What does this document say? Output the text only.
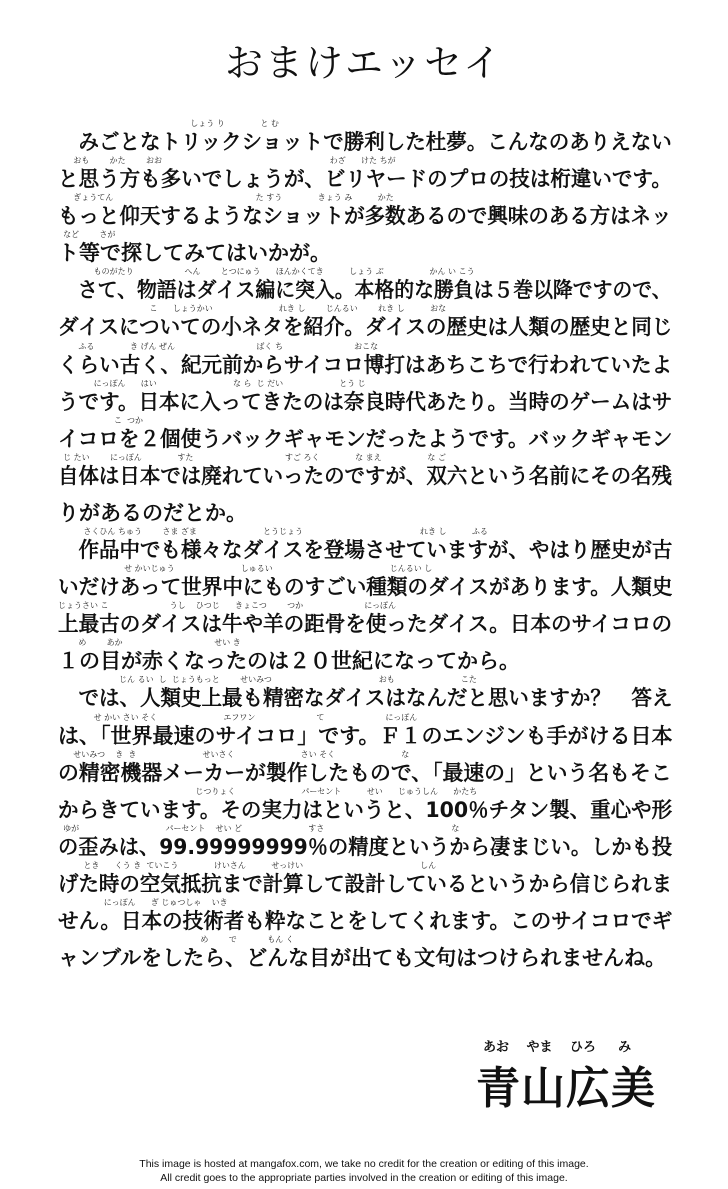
おまけエッセイ
しょう り              と む
　みごとなトリックショットで勝利した杜夢。こんなのありえない
おも        かた        おお                                                                  わざ      けた ちが
と思う方も多いでしょうが、ビリヤードのプロの技は桁違いです。
ぎょうてん                                                        た すう              きょう み          かた
もっと仰天するようなショットが多数あるので興味のある方はネッ
など        さが
ト等で探してみてはいかが。
ものがたり                    へん        とつにゅう      ほんかくてき          しょう ぶ                  かん い こう
　さて、物語はダイス編に突入。本格的な勝負は５巻以降ですので、
こ      しょうかい                          れき し        じんるい        れき し          おな
ダイスについての小ネタを紹介。ダイスの歴史は人類の歴史と同じ
ふる              き げん ぜん                                ばく ち                            おこな
くらい古く、紀元前からサイコロ博打はあちこちで行われていたよ
にっぽん      はい                              な ら  じ だい                      とう じ
うです。日本に入ってきたのは奈良時代あたり。当時のゲームはサ
こ  つか
イコロを２個使うバックギャモンだったようです。バックギャモン
じ たい        にっぽん              すた                                    すご ろく              な まえ                  な ご
自体は日本では廃れていったのですが、双六という名前にその名残
りがあるのだとか。
さくひん ちゅう        さま ざま                          とうじょう                                              れき し          ふる
　作品中でも様々なダイスを登場させていますが、やはり歴史が古
せ かいじゅう                          しゅるい                                              じんるい し
いだけあって世界中にものすごい種類のダイスがあります。人類史
じょうさい こ                        うし    ひつじ      きょこつ        つか                        にっぽん
上最古のダイスは牛や羊の距骨を使ったダイス。日本のサイコロの
め        あか                                    せい き
１の目が赤くなったのは２０世紀になってから。
じん るい  し  じょうもっと        せいみつ                                          おも                          こた
　では、人類史上最も精密なダイスはなんだと思いますか？　答え
せ かい さい そく                          エフワン                        て                        にっぽん
は、「世界最速のサイコロ」です。Ｆ１のエンジンも手がける日本
せいみつ    き  き                          せいさく                          さい そく                          な
の精密機器メーカーが製作したもので、「最速の」という名もそこ
じつりょく                          パーセント          せい      じゅうしん      かたち
からきています。その実力はというと、100％チタン製、重心や形
ゆが                                  パーセント    せい ど                          すさ                                                  な
の歪みは、99.99999999％の精度というから凄まじい。しかも投
とき      くう き  ていこう              けいさん          せっけい                                              しん
げた時の空気抵抗まで計算して設計しているというから信じられま
にっぽん      ぎ じゅつしゃ    いき
せん。日本の技術者も粋なことをしてくれます。このサイコロでギ
め        で            もん く
ャンブルをしたら、どんな目が出ても文句はつけられませんね。
あお　 やま　 ひろ　  み
青山広美
This image is hosted at mangafox.com, we take no credit for the creation or editing of this image.
All credit goes to the appropriate parties involved in the creation or editing of this image.
